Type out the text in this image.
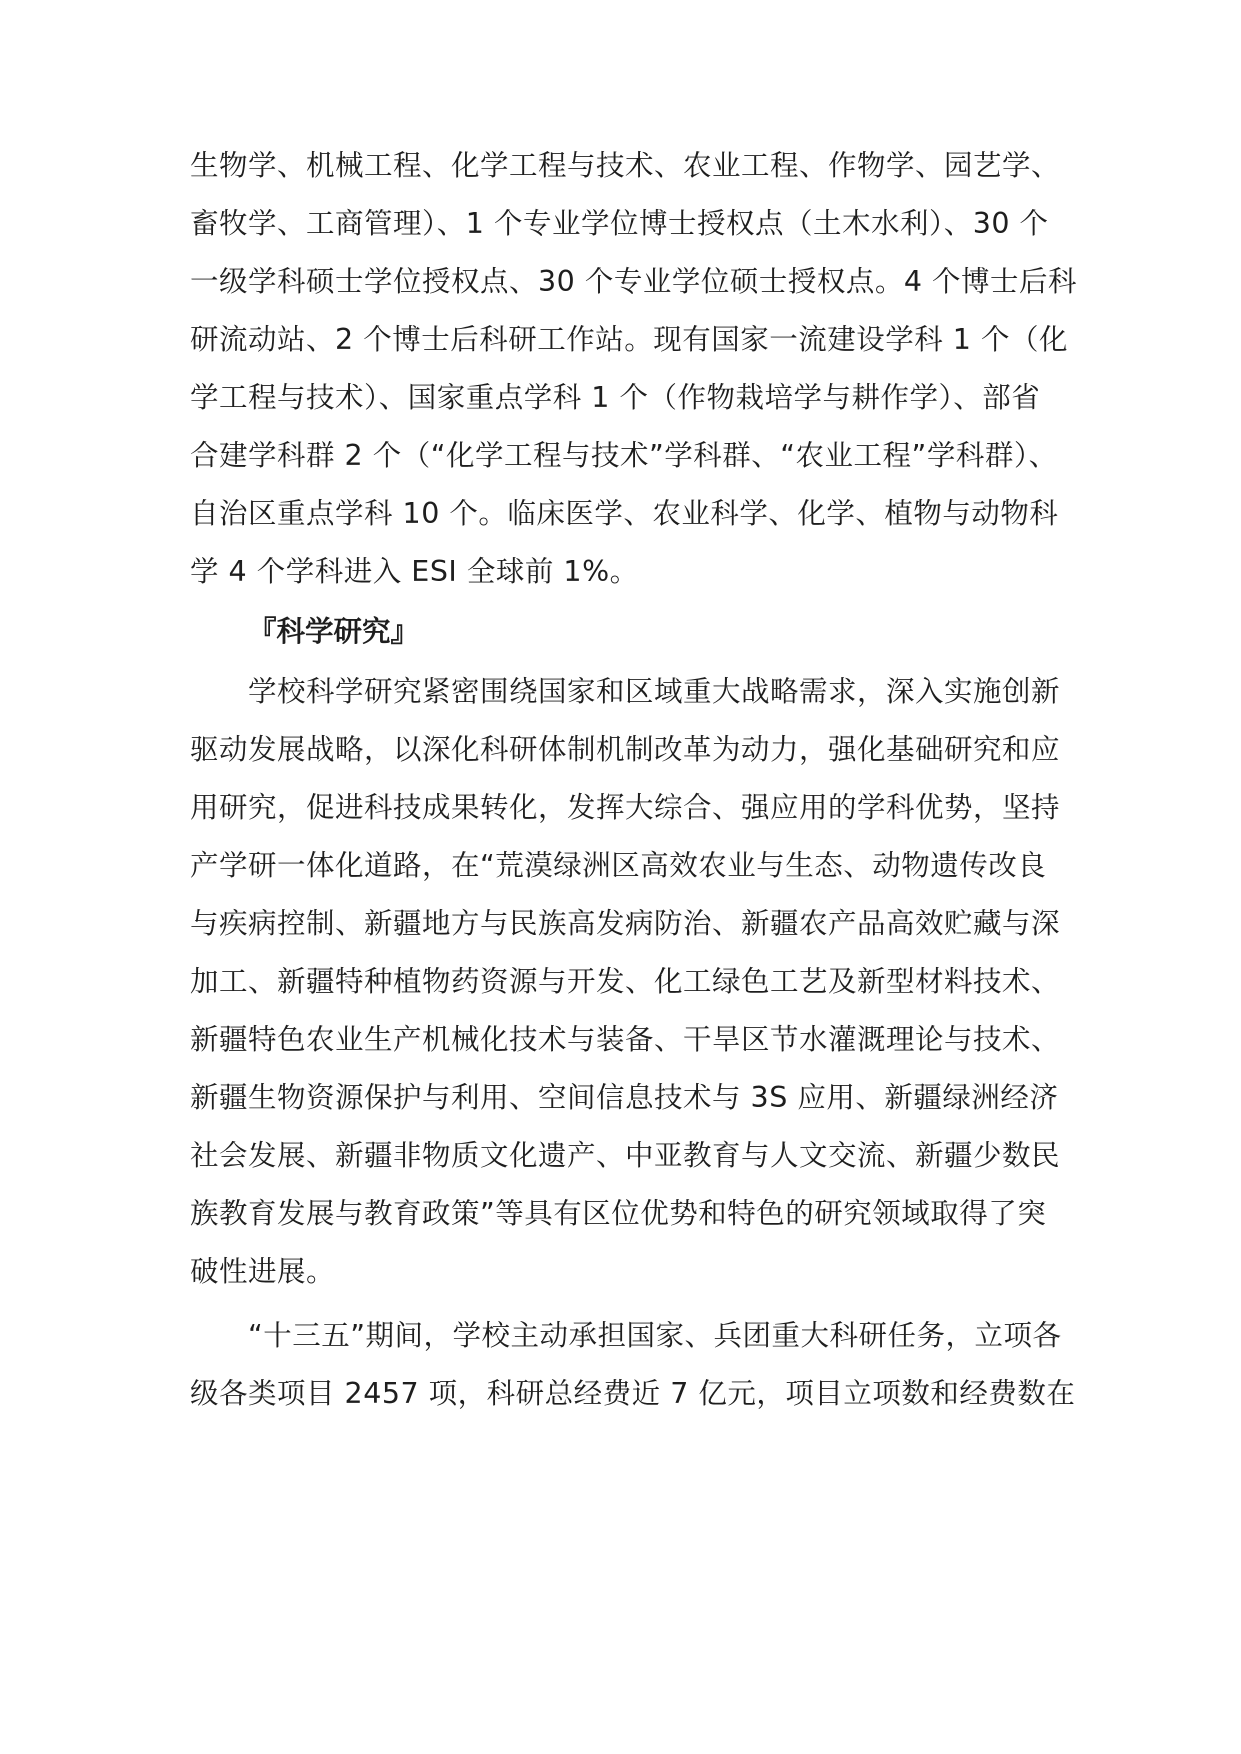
生物学、机械工程、化学工程与技术、农业工程、作物学、园艺学、
畜牧学、工商管理）、1 个专业学位博士授权点（土木水利）、30 个
一级学科硕士学位授权点、30 个专业学位硕士授权点。4 个博士后科
研流动站、2 个博士后科研工作站。现有国家一流建设学科 1 个（化
学工程与技术）、国家重点学科 1 个（作物栽培学与耕作学）、部省
合建学科群 2 个（“化学工程与技术”学科群、“农业工程”学科群）、
自治区重点学科 10 个。临床医学、农业科学、化学、植物与动物科
学 4 个学科进入 ESI 全球前 1%。
『科学研究』
学校科学研究紧密围绕国家和区域重大战略需求，深入实施创新
驱动发展战略，以深化科研体制机制改革为动力，强化基础研究和应
用研究，促进科技成果转化，发挥大综合、强应用的学科优势，坚持
产学研一体化道路，在“荒漠绿洲区高效农业与生态、动物遗传改良
与疾病控制、新疆地方与民族高发病防治、新疆农产品高效贮藏与深
加工、新疆特种植物药资源与开发、化工绿色工艺及新型材料技术、
新疆特色农业生产机械化技术与装备、干旱区节水灌溉理论与技术、
新疆生物资源保护与利用、空间信息技术与 3S 应用、新疆绿洲经济
社会发展、新疆非物质文化遗产、中亚教育与人文交流、新疆少数民
族教育发展与教育政策”等具有区位优势和特色的研究领域取得了突
破性进展。
“十三五”期间，学校主动承担国家、兵团重大科研任务，立项各
级各类项目 2457 项，科研总经费近 7 亿元，项目立项数和经费数在
